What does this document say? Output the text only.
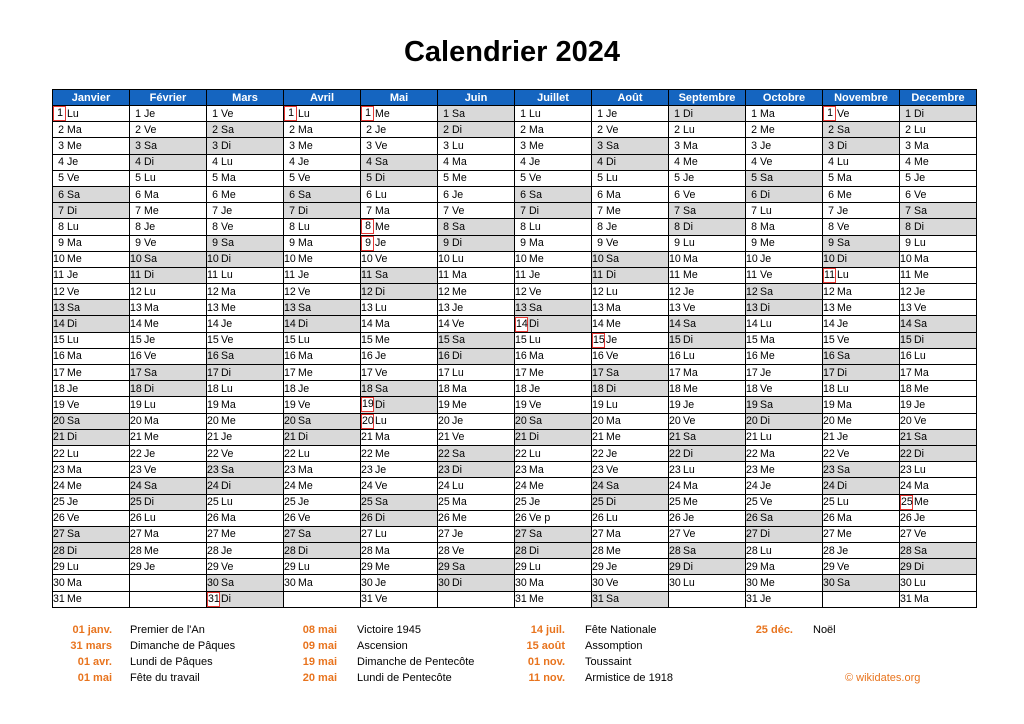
Calendrier 2024
Janvier	Février	Mars	Avril	Mai	Juin	Juillet	Août	Septembre	Octobre	Novembre	Decembre

1 Lu	1 Je	1 Ve	1 Lu	1 Me	1 Sa	1 Lu	1 Je	1 Di	1 Ma	1 Ve	1 Di

2 Ma	2 Ve	2 Sa	2 Ma	2 Je	2 Di	2 Ma	2 Ve	2 Lu	2 Me	2 Sa	2 Lu

3 Me	3 Sa	3 Di	3 Me	3 Ve	3 Lu	3 Me	3 Sa	3 Ma	3 Je	3 Di	3 Ma

4 Je	4 Di	4 Lu	4 Je	4 Sa	4 Ma	4 Je	4 Di	4 Me	4 Ve	4 Lu	4 Me

5 Ve	5 Lu	5 Ma	5 Ve	5 Di	5 Me	5 Ve	5 Lu	5 Je	5 Sa	5 Ma	5 Je

6 Sa	6 Ma	6 Me	6 Sa	6 Lu	6 Je	6 Sa	6 Ma	6 Ve	6 Di	6 Me	6 Ve

7 Di	7 Me	7 Je	7 Di	7 Ma	7 Ve	7 Di	7 Me	7 Sa	7 Lu	7 Je	7 Sa

8 Lu	8 Je	8 Ve	8 Lu	8 Me	8 Sa	8 Lu	8 Je	8 Di	8 Ma	8 Ve	8 Di

9 Ma	9 Ve	9 Sa	9 Ma	9 Je	9 Di	9 Ma	9 Ve	9 Lu	9 Me	9 Sa	9 Lu

10 Me	10 Sa	10 Di	10 Me	10 Ve	10 Lu	10 Me	10 Sa	10 Ma	10 Je	10 Di	10 Ma

11 Je	11 Di	11 Lu	11 Je	11 Sa	11 Ma	11 Je	11 Di	11 Me	11 Ve	11 Lu	11 Me

12 Ve	12 Lu	12 Ma	12 Ve	12 Di	12 Me	12 Ve	12 Lu	12 Je	12 Sa	12 Ma	12 Je

13 Sa	13 Ma	13 Me	13 Sa	13 Lu	13 Je	13 Sa	13 Ma	13 Ve	13 Di	13 Me	13 Ve

14 Di	14 Me	14 Je	14 Di	14 Ma	14 Ve	14 Di	14 Me	14 Sa	14 Lu	14 Je	14 Sa

15 Lu	15 Je	15 Ve	15 Lu	15 Me	15 Sa	15 Lu	15 Je	15 Di	15 Ma	15 Ve	15 Di

16 Ma	16 Ve	16 Sa	16 Ma	16 Je	16 Di	16 Ma	16 Ve	16 Lu	16 Me	16 Sa	16 Lu

17 Me	17 Sa	17 Di	17 Me	17 Ve	17 Lu	17 Me	17 Sa	17 Ma	17 Je	17 Di	17 Ma

18 Je	18 Di	18 Lu	18 Je	18 Sa	18 Ma	18 Je	18 Di	18 Me	18 Ve	18 Lu	18 Me

19 Ve	19 Lu	19 Ma	19 Ve	19 Di	19 Me	19 Ve	19 Lu	19 Je	19 Sa	19 Ma	19 Je

20 Sa	20 Ma	20 Me	20 Sa	20 Lu	20 Je	20 Sa	20 Ma	20 Ve	20 Di	20 Me	20 Ve

21 Di	21 Me	21 Je	21 Di	21 Ma	21 Ve	21 Di	21 Me	21 Sa	21 Lu	21 Je	21 Sa

22 Lu	22 Je	22 Ve	22 Lu	22 Me	22 Sa	22 Lu	22 Je	22 Di	22 Ma	22 Ve	22 Di

23 Ma	23 Ve	23 Sa	23 Ma	23 Je	23 Di	23 Ma	23 Ve	23 Lu	23 Me	23 Sa	23 Lu

24 Me	24 Sa	24 Di	24 Me	24 Ve	24 Lu	24 Me	24 Sa	24 Ma	24 Je	24 Di	24 Ma

25 Je	25 Di	25 Lu	25 Je	25 Sa	25 Ma	25 Je	25 Di	25 Me	25 Ve	25 Lu	25 Me

26 Ve	26 Lu	26 Ma	26 Ve	26 Di	26 Me	26 Ve p	26 Lu	26 Je	26 Sa	26 Ma	26 Je

27 Sa	27 Ma	27 Me	27 Sa	27 Lu	27 Je	27 Sa	27 Ma	27 Ve	27 Di	27 Me	27 Ve

28 Di	28 Me	28 Je	28 Di	28 Ma	28 Ve	28 Di	28 Me	28 Sa	28 Lu	28 Je	28 Sa

29 Lu	29 Je	29 Ve	29 Lu	29 Me	29 Sa	29 Lu	29 Je	29 Di	29 Ma	29 Ve	29 Di

30 Ma		30 Sa	30 Ma	30 Je	30 Di	30 Ma	30 Ve	30 Lu	30 Me	30 Sa	30 Lu

31 Me		31 Di		31 Ve		31 Me	31 Sa		31 Je		31 Ma
01 janv. Premier de l'An
31 mars Dimanche de Pâques
01 avr. Lundi de Pâques
01 mai Fête du travail
08 mai Victoire 1945
09 mai Ascension
19 mai Dimanche de Pentecôte
20 mai Lundi de Pentecôte
14 juil. Fête Nationale
15 août Assomption
01 nov. Toussaint
11 nov. Armistice de 1918
25 déc. Noël
© wikidates.org
